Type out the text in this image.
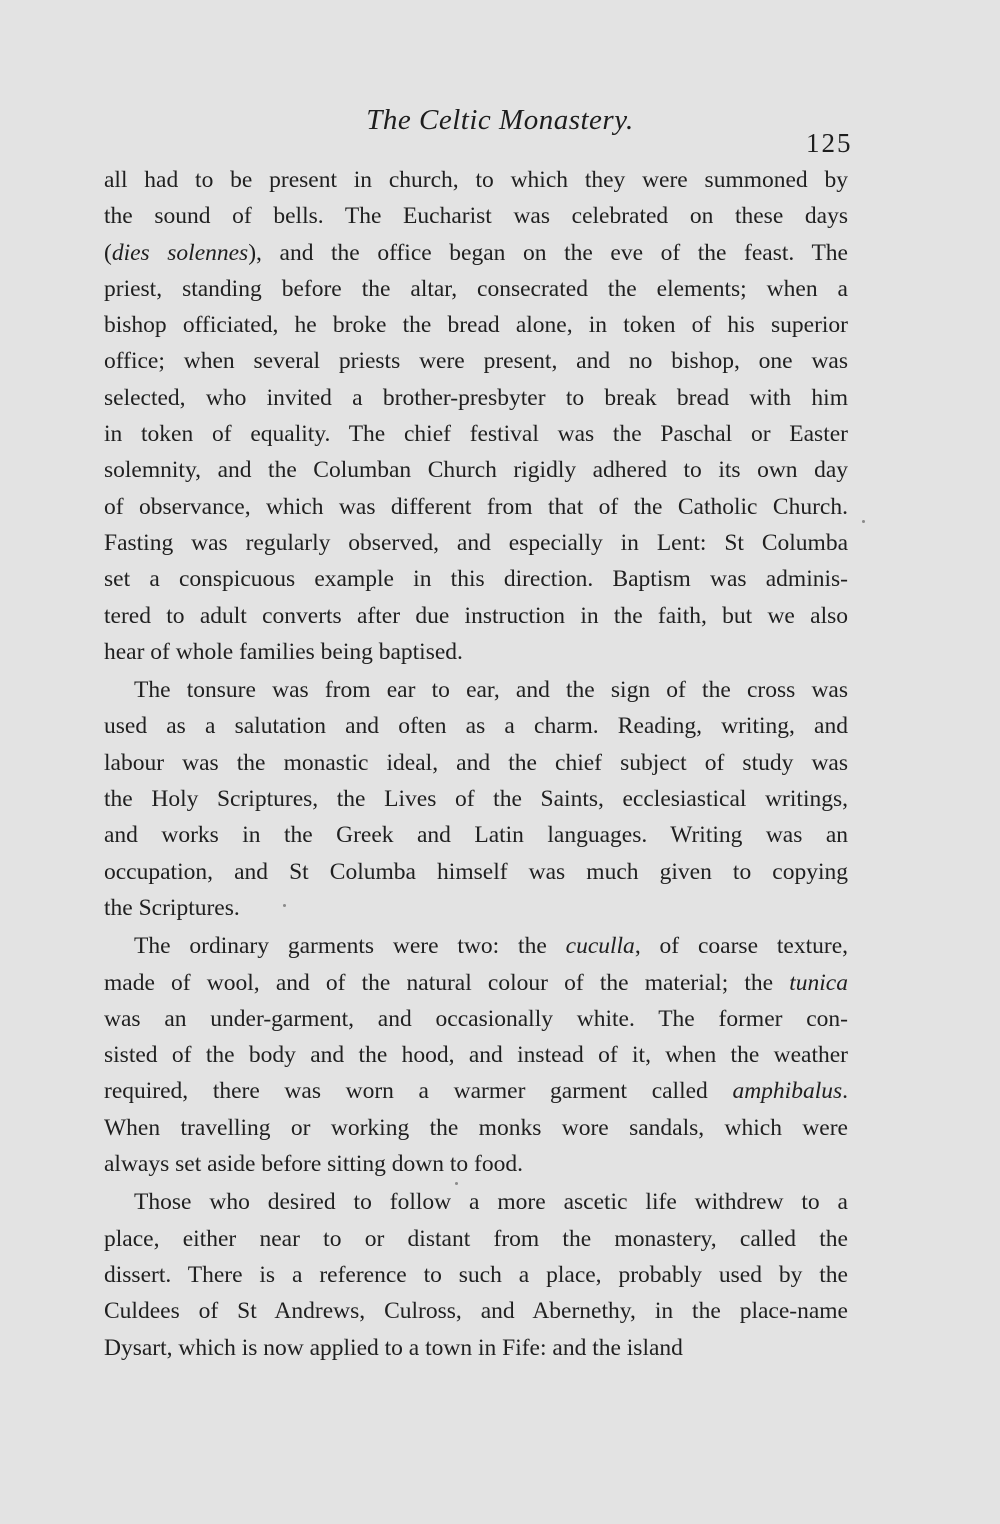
The Celtic Monastery.
125

all had to be present in church, to which they were summoned by
the sound of bells. The Eucharist was celebrated on these days
(dies solennes), and the office began on the eve of the feast. The
priest, standing before the altar, consecrated the elements; when a
bishop officiated, he broke the bread alone, in token of his superior
office; when several priests were present, and no bishop, one was
selected, who invited a brother-presbyter to break bread with him
in token of equality. The chief festival was the Paschal or Easter
solemnity, and the Columban Church rigidly adhered to its own day
of observance, which was different from that of the Catholic Church.
Fasting was regularly observed, and especially in Lent: St Columba
set a conspicuous example in this direction. Baptism was adminis-
tered to adult converts after due instruction in the faith, but we also
hear of whole families being baptised.

The tonsure was from ear to ear, and the sign of the cross was
used as a salutation and often as a charm. Reading, writing, and
labour was the monastic ideal, and the chief subject of study was
the Holy Scriptures, the Lives of the Saints, ecclesiastical writings,
and works in the Greek and Latin languages. Writing was an
occupation, and St Columba himself was much given to copying
the Scriptures.

The ordinary garments were two: the cuculla, of coarse texture,
made of wool, and of the natural colour of the material; the tunica
was an under-garment, and occasionally white. The former con-
sisted of the body and the hood, and instead of it, when the weather
required, there was worn a warmer garment called amphibalus.
When travelling or working the monks wore sandals, which were
always set aside before sitting down to food.

Those who desired to follow a more ascetic life withdrew to a
place, either near to or distant from the monastery, called the
dissert. There is a reference to such a place, probably used by the
Culdees of St Andrews, Culross, and Abernethy, in the place-name
Dysart, which is now applied to a town in Fife: and the island
